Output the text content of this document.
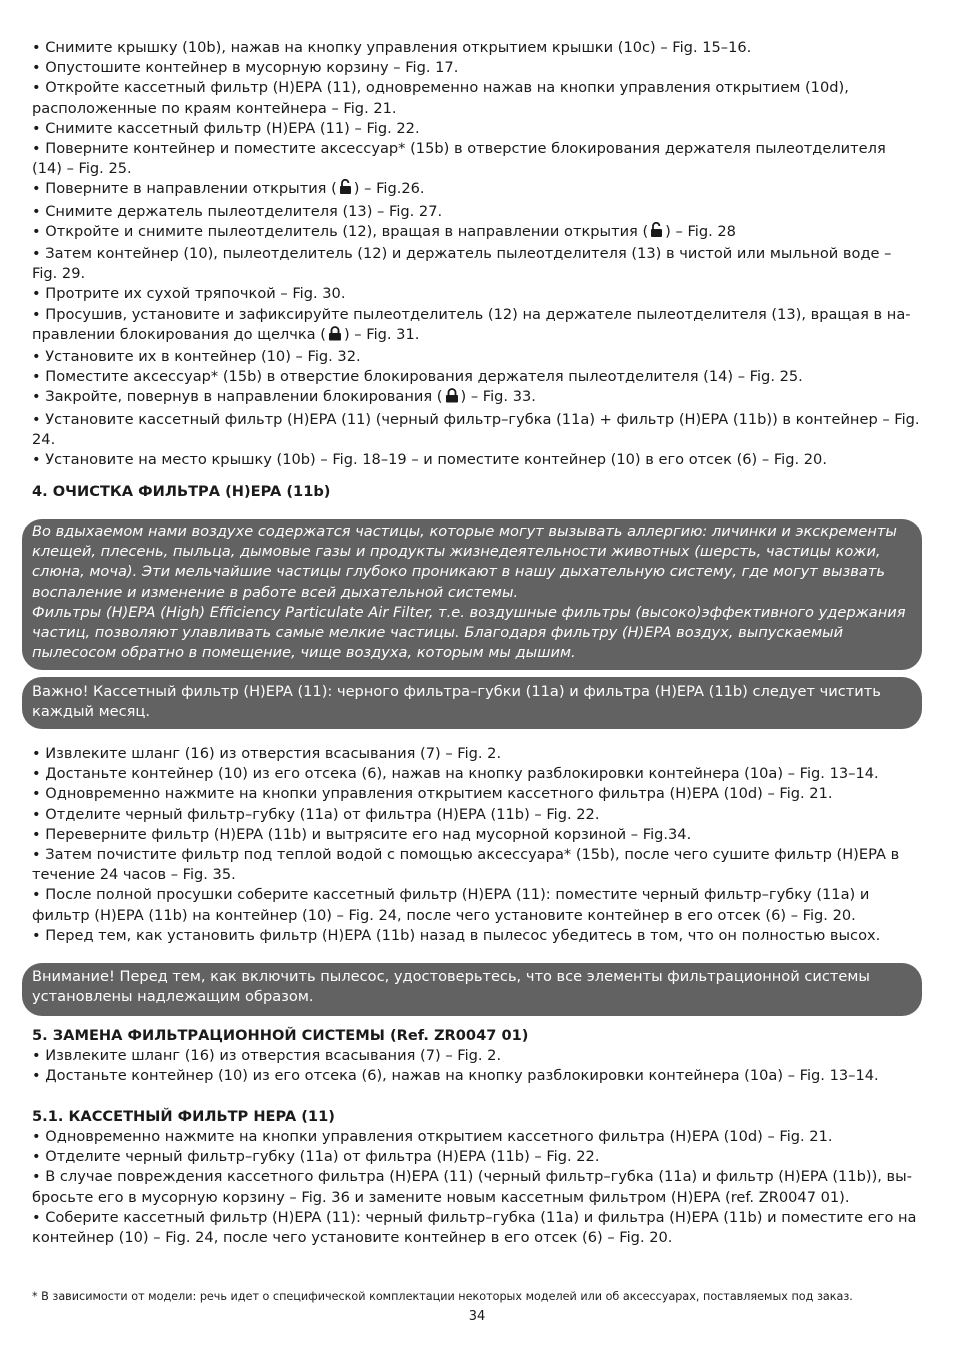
• Снимите крышку (10b), нажав на кнопку управления открытием крышки (10c) – Fig. 15–16.

• Опустошите контейнер в мусорную корзину – Fig. 17.

• Откройте кассетный фильтр (H)EPA (11), одновременно нажав на кнопки управления открытием (10d), расположенные по краям контейнера – Fig. 21.

• Снимите кассетный фильтр (H)EPA (11) – Fig. 22.

• Поверните контейнер и поместите аксессуар* (15b) в отверстие блокирования держателя пылеотделителя (14) – Fig. 25.

• Поверните в направлении открытия ( ) – Fig.26.

• Снимите держатель пылеотделителя (13) – Fig. 27.

• Откройте и снимите пылеотделитель (12), вращая в направлении открытия ( ) – Fig. 28

• Затем контейнер (10), пылеотделитель (12) и держатель пылеотделителя (13) в чистой или мыльной воде – Fig. 29.

• Протрите их сухой тряпочкой – Fig. 30.

• Просушив, установите и зафиксируйте пылеотделитель (12) на держателе пылеотделителя (13), вращая в направлении блокирования до щелчка ( ) – Fig. 31.

• Установите их в контейнер (10) – Fig. 32.

• Поместите аксессуар* (15b) в отверстие блокирования держателя пылеотделителя (14) – Fig. 25.

• Закройте, повернув в направлении блокирования ( ) – Fig. 33.

• Установите кассетный фильтр (H)EPA (11) (черный фильтр–губка (11a) + фильтр (H)EPA (11b)) в контейнер – Fig. 24.

• Установите на место крышку (10b) – Fig. 18–19 – и поместите контейнер (10) в его отсек (6) – Fig. 20.

4. ОЧИСТКА ФИЛЬТРА (H)EPA (11b)

Во вдыхаемом нами воздухе содержатся частицы, которые могут вызывать аллергию: личинки и экскременты клещей, плесень, пыльца, дымовые газы и продукты жизнедеятельности животных (шерсть, частицы кожи, слюна, моча). Эти мельчайшие частицы глубоко проникают в нашу дыхательную систему, где могут вызвать воспаление и изменение в работе всей дыхательной системы.

Фильтры (H)EPA (High) Efficiency Particulate Air Filter, т.е. воздушные фильтры (высоко)эффективного удержания частиц, позволяют улавливать самые мелкие частицы. Благодаря фильтру (H)EPA воздух, выпускаемый пылесосом обратно в помещение, чище воздуха, которым мы дышим.

Важно! Кассетный фильтр (H)EPA (11): черного фильтра–губки (11a) и фильтра (H)EPA (11b) следует чистить каждый месяц.

• Извлеките шланг (16) из отверстия всасывания (7) – Fig. 2.

• Достаньте контейнер (10) из его отсека (6), нажав на кнопку разблокировки контейнера (10a) – Fig. 13–14.

• Одновременно нажмите на кнопки управления открытием кассетного фильтра (H)EPA (10d) – Fig. 21.

• Отделите черный фильтр–губку (11a) от фильтра (H)EPA (11b) – Fig. 22.

• Переверните фильтр (H)EPA (11b) и вытрясите его над мусорной корзиной – Fig.34.

• Затем почистите фильтр под теплой водой с помощью аксессуара* (15b), после чего сушите фильтр (H)EPA в течение 24 часов – Fig. 35.

• После полной просушки соберите кассетный фильтр (H)EPA (11): поместите черный фильтр–губку (11a) и фильтр (H)EPA (11b) на контейнер (10) – Fig. 24, после чего установите контейнер в его отсек (6) – Fig. 20.

• Перед тем, как установить фильтр (H)EPA (11b) назад в пылесос убедитесь в том, что он полностью высох.

Внимание! Перед тем, как включить пылесос, удостоверьтесь, что все элементы фильтрационной системы установлены надлежащим образом.

5. ЗАМЕНА ФИЛЬТРАЦИОННОЙ СИСТЕМЫ (Ref. ZR0047 01)

• Извлеките шланг (16) из отверстия всасывания (7) – Fig. 2.

• Достаньте контейнер (10) из его отсека (6), нажав на кнопку разблокировки контейнера (10a) – Fig. 13–14.

5.1. КАССЕТНЫЙ ФИЛЬТР HEPA (11)

• Одновременно нажмите на кнопки управления открытием кассетного фильтра (H)EPA (10d) – Fig. 21.

• Отделите черный фильтр–губку (11a) от фильтра (H)EPA (11b) – Fig. 22.

• В случае повреждения кассетного фильтра (H)EPA (11) (черный фильтр–губка (11a) и фильтр (H)EPA (11b)), выбросьте его в мусорную корзину – Fig. 36 и замените новым кассетным фильтром (H)EPA (ref. ZR0047 01).

• Соберите кассетный фильтр (H)EPA (11): черный фильтр–губка (11a) и фильтра (H)EPA (11b) и поместите его на контейнер (10) – Fig. 24, после чего установите контейнер в его отсек (6) – Fig. 20.

* В зависимости от модели: речь идет о специфической комплектации некоторых моделей или об аксессуарах, поставляемых под заказ.

34
